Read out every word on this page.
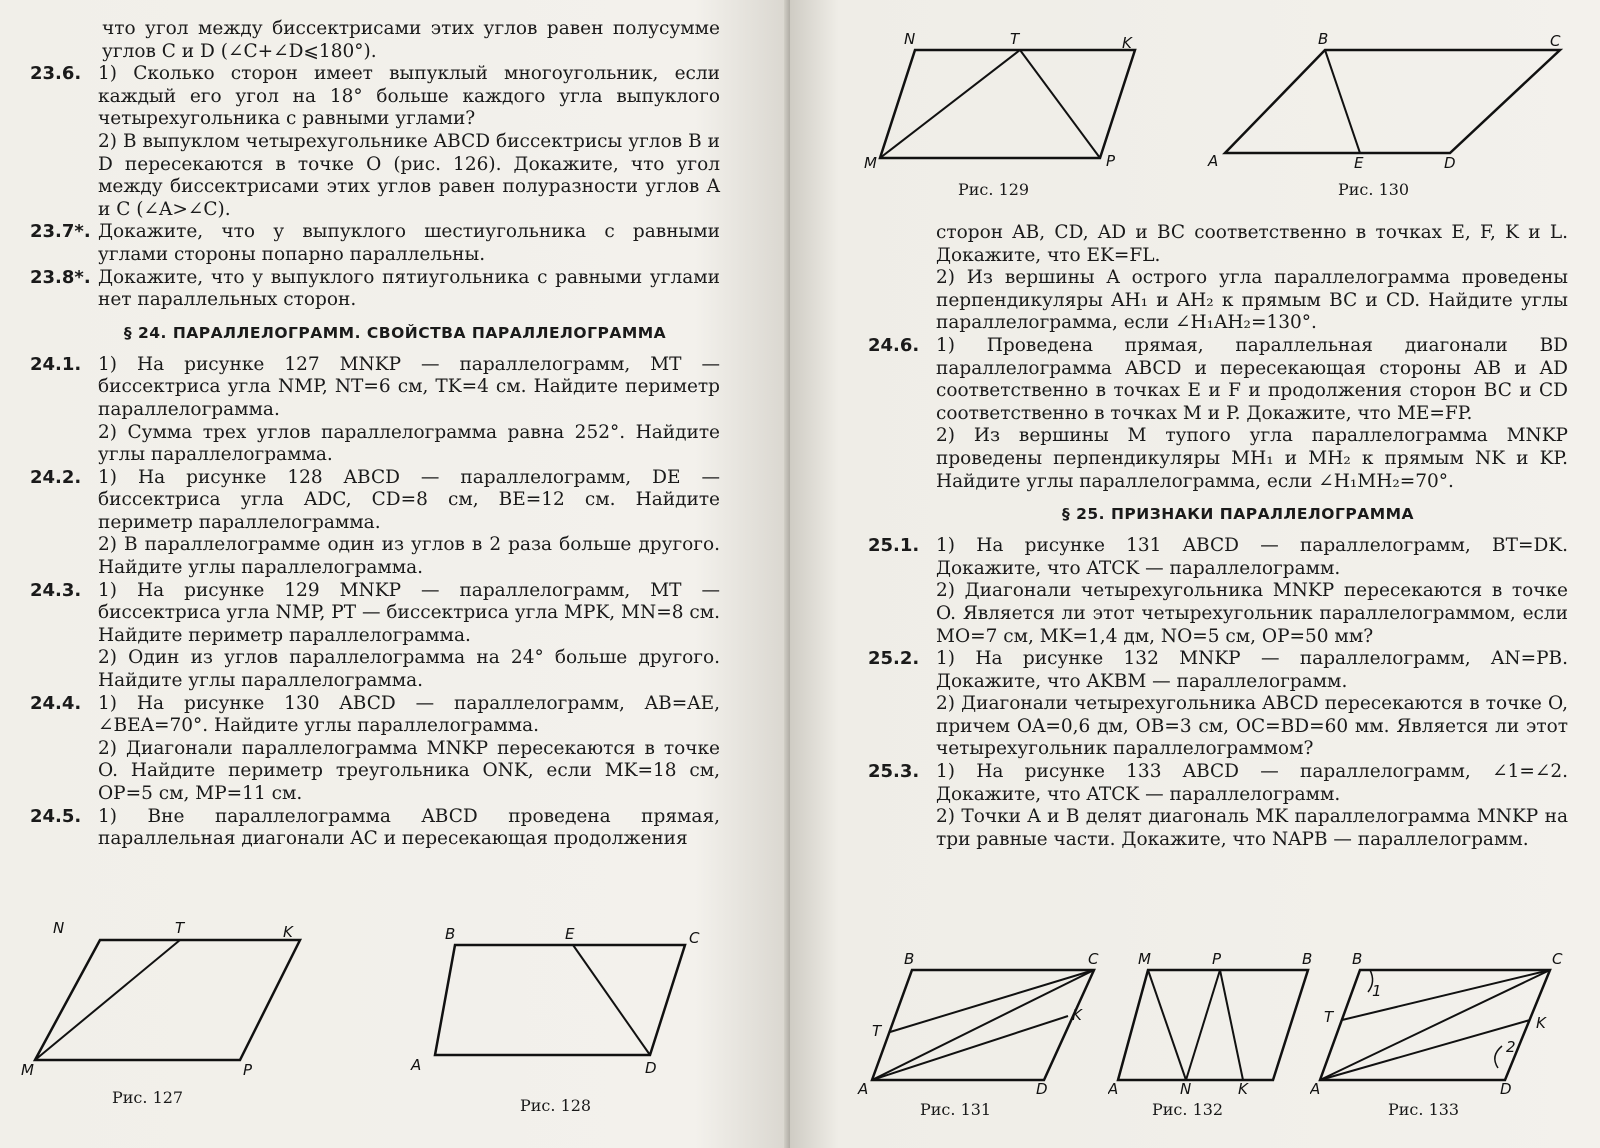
что угол между биссектрисами этих углов равен полусумме углов C и D (∠C+∠D⩽180°).

23.6. 1) Сколько сторон имеет выпуклый многоугольник, если каждый его угол на 18° больше каждого угла выпуклого четырехугольника с равными углами?

2) В выпуклом четырехугольнике ABCD биссектрисы углов B и D пересекаются в точке O (рис. 126). Докажите, что угол между биссектрисами этих углов равен полуразности углов A и C (∠A>∠C).

23.7*. Докажите, что у выпуклого шестиугольника с равными углами стороны попарно параллельны.

23.8*. Докажите, что у выпуклого пятиугольника с равными углами нет параллельных сторон.

§ 24. ПАРАЛЛЕЛОГРАММ. СВОЙСТВА ПАРАЛЛЕЛОГРАММА
24.1. 1) На рисунке 127 MNKP — параллелограмм, MT — биссектриса угла NMP, NT=6 см, TK=4 см. Найдите периметр параллелограмма.

2) Сумма трех углов параллелограмма равна 252°. Найдите углы параллелограмма.

24.2. 1) На рисунке 128 ABCD — параллелограмм, DE — биссектриса угла ADC, CD=8 см, BE=12 см. Найдите периметр параллелограмма.

2) В параллелограмме один из углов в 2 раза больше другого. Найдите углы параллелограмма.

24.3. 1) На рисунке 129 MNKP — параллелограмм, MT — биссектриса угла NMP, PT — биссектриса угла MPK, MN=8 см. Найдите периметр параллелограмма.

2) Один из углов параллелограмма на 24° больше другого. Найдите углы параллелограмма.

24.4. 1) На рисунке 130 ABCD — параллелограмм, AB=AE, ∠BEA=70°. Найдите углы параллелограмма.

2) Диагонали параллелограмма MNKP пересекаются в точке O. Найдите периметр треугольника ONK, если MK=18 см, OP=5 см, MP=11 см.

24.5. 1) Вне параллелограмма ABCD проведена прямая, параллельная диагонали AC и пересекающая продолжения

N	T	K
M	P
Рис. 127
B	E	C
A	D
Рис. 128
N	T	K
M	P
Рис. 129
B	C
A	E	D
Рис. 130

сторон AB, CD, AD и BC соответственно в точках E, F, K и L. Докажите, что EK=FL.

2) Из вершины A острого угла параллелограмма проведены перпендикуляры AH₁ и AH₂ к прямым BC и CD. Найдите углы параллелограмма, если ∠H₁AH₂=130°.

24.6. 1) Проведена прямая, параллельная диагонали BD параллелограмма ABCD и пересекающая стороны AB и AD соответственно в точках E и F и продолжения сторон BC и CD соответственно в точках M и P. Докажите, что ME=FP.

2) Из вершины M тупого угла параллелограмма MNKP проведены перпендикуляры MH₁ и MH₂ к прямым NK и KP. Найдите углы параллелограмма, если ∠H₁MH₂=70°.

§ 25. ПРИЗНАКИ ПАРАЛЛЕЛОГРАММА
25.1. 1) На рисунке 131 ABCD — параллелограмм, BT=DK. Докажите, что ATCK — параллелограмм.

2) Диагонали четырехугольника MNKP пересекаются в точке O. Является ли этот четырехугольник параллелограммом, если MO=7 см, MK=1,4 дм, NO=5 см, OP=50 мм?

25.2. 1) На рисунке 132 MNKP — параллелограмм, AN=PB. Докажите, что AKBM — параллелограмм.

2) Диагонали четырехугольника ABCD пересекаются в точке O, причем OA=0,6 дм, OB=3 см, OC=BD=60 мм. Является ли этот четырехугольник параллелограммом?

25.3. 1) На рисунке 133 ABCD — параллелограмм, ∠1=∠2. Докажите, что ATCK — параллелограмм.

2) Точки A и B делят диагональ MK параллелограмма MNKP на три равные части. Докажите, что NAPB — параллелограмм.

B	C
T
K
A	D
Рис. 131
M	P	B
A	N	K
Рис. 132
B	C
T	K
A	D
1
2
Рис. 133
